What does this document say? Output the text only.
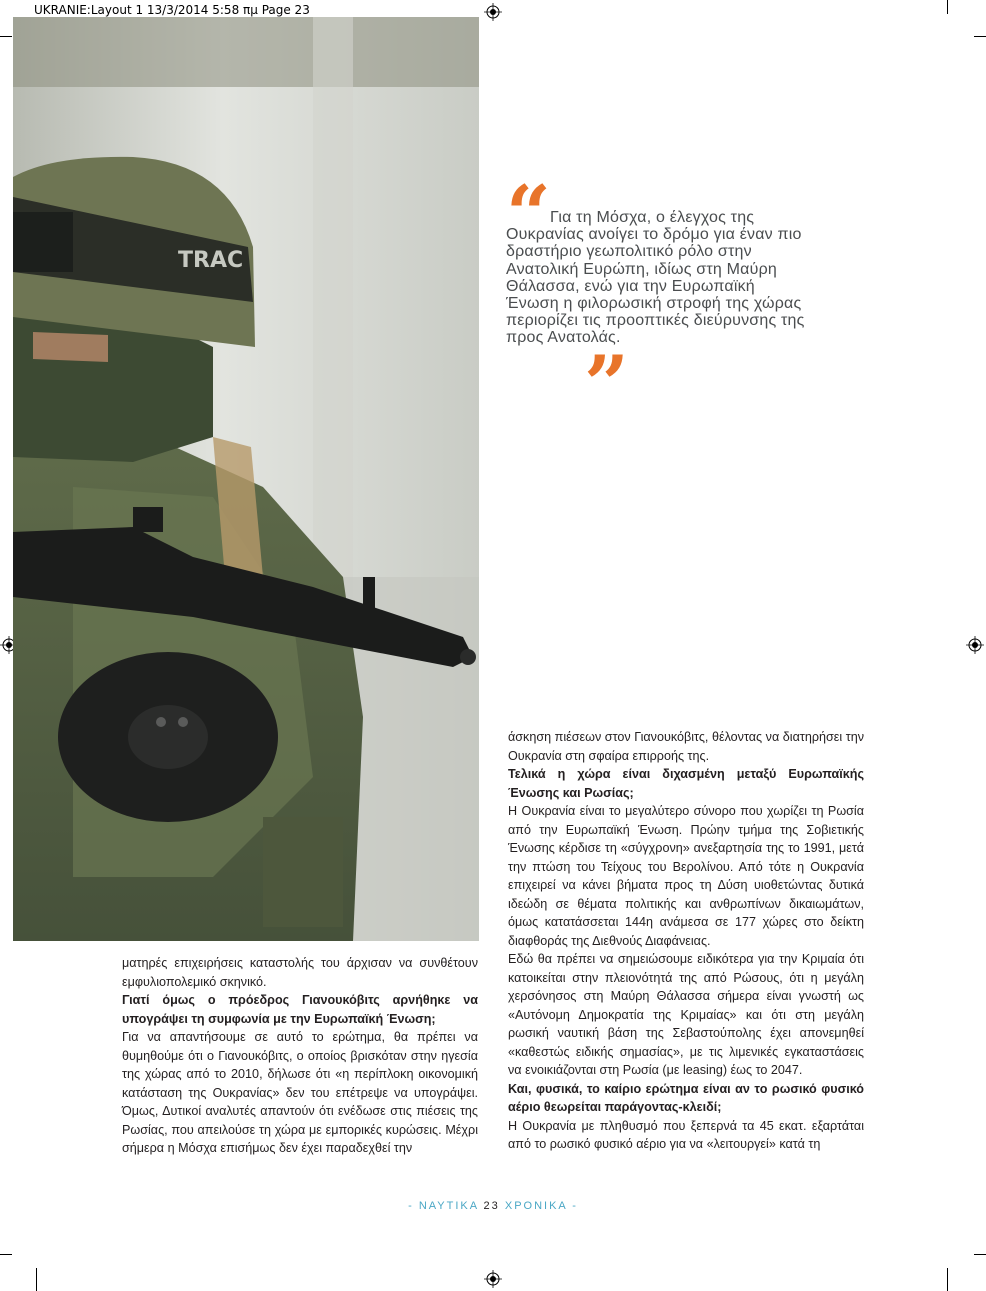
UKRANIE:Layout 1 13/3/2014 5:58 πμ Page 23
TRAC
“ Για τη Μόσχα, ο έλεγχος της Ουκρανίας ανοίγει το δρόμο για έναν πιο δραστήριο γεωπολιτικό ρόλο στην Ανατολική Ευρώπη, ιδίως στη Μαύρη Θάλασσα, ενώ για την Ευρωπαϊκή Ένωση η φιλορωσική στροφή της χώρας περιορίζει τις προοπτικές διεύρυνσης της προς Ανατολάς.
”

ματηρές επιχειρήσεις καταστολής του άρχισαν να συνθέτουν εμφυλιοπολεμικό σκηνικό.

Γιατί όμως ο πρόεδρος Γιανουκόβιτς αρνήθηκε να υπογράψει τη συμφωνία με την Ευρωπαϊκή Ένωση;

Για να απαντήσουμε σε αυτό το ερώτημα, θα πρέπει να θυμηθούμε ότι ο Γιανουκόβιτς, ο οποίος βρισκόταν στην ηγεσία της χώρας από το 2010, δήλωσε ότι «η περίπλοκη οικονομική κατάσταση της Ουκρανίας» δεν του επέτρεψε να υπογράψει. Όμως, Δυτικοί αναλυτές απαντούν ότι ενέδωσε στις πιέσεις της Ρωσίας, που απειλούσε τη χώρα με εμπορικές κυρώσεις. Μέχρι σήμερα η Μόσχα επισήμως δεν έχει παραδεχθεί την

άσκηση πιέσεων στον Γιανουκόβιτς, θέλοντας να διατηρήσει την Ουκρανία στη σφαίρα επιρροής της.

Τελικά η χώρα είναι διχασμένη μεταξύ Ευρωπαϊκής Ένωσης και Ρωσίας;

Η Ουκρανία είναι το μεγαλύτερο σύνορο που χωρίζει τη Ρωσία από την Ευρωπαϊκή Ένωση. Πρώην τμήμα της Σοβιετικής Ένωσης κέρδισε τη «σύγχρονη» ανεξαρτησία της το 1991, μετά την πτώση του Τείχους του Βερολίνου. Από τότε η Ουκρανία επιχειρεί να κάνει βήματα προς τη Δύση υιοθετώντας δυτικά ιδεώδη σε θέματα πολιτικής και ανθρωπίνων δικαιωμάτων, όμως κατατάσσεται 144η ανάμεσα σε 177 χώρες στο δείκτη διαφθοράς της Διεθνούς Διαφάνειας.

Εδώ θα πρέπει να σημειώσουμε ειδικότερα για την Κριμαία ότι κατοικείται στην πλειονότητά της από Ρώσους, ότι η μεγάλη χερσόνησος στη Μαύρη Θάλασσα σήμερα είναι γνωστή ως «Αυτόνομη Δημοκρατία της Κριμαίας» και ότι στη μεγάλη ρωσική ναυτική βάση της Σεβαστούπολης έχει απονεμηθεί «καθεστώς ειδικής σημασίας», με τις λιμενικές εγκαταστάσεις να ενοικιάζονται στη Ρωσία (με leasing) έως το 2047.

Και, φυσικά, το καίριο ερώτημα είναι αν το ρωσικό φυσικό αέριο θεωρείται παράγοντας-κλειδί;

Η Ουκρανία με πληθυσμό που ξεπερνά τα 45 εκατ. εξαρτάται από το ρωσικό φυσικό αέριο για να «λειτουργεί» κατά τη

- ΝΑΥΤΙΚΑ 23 ΧΡΟΝΙΚΑ -
